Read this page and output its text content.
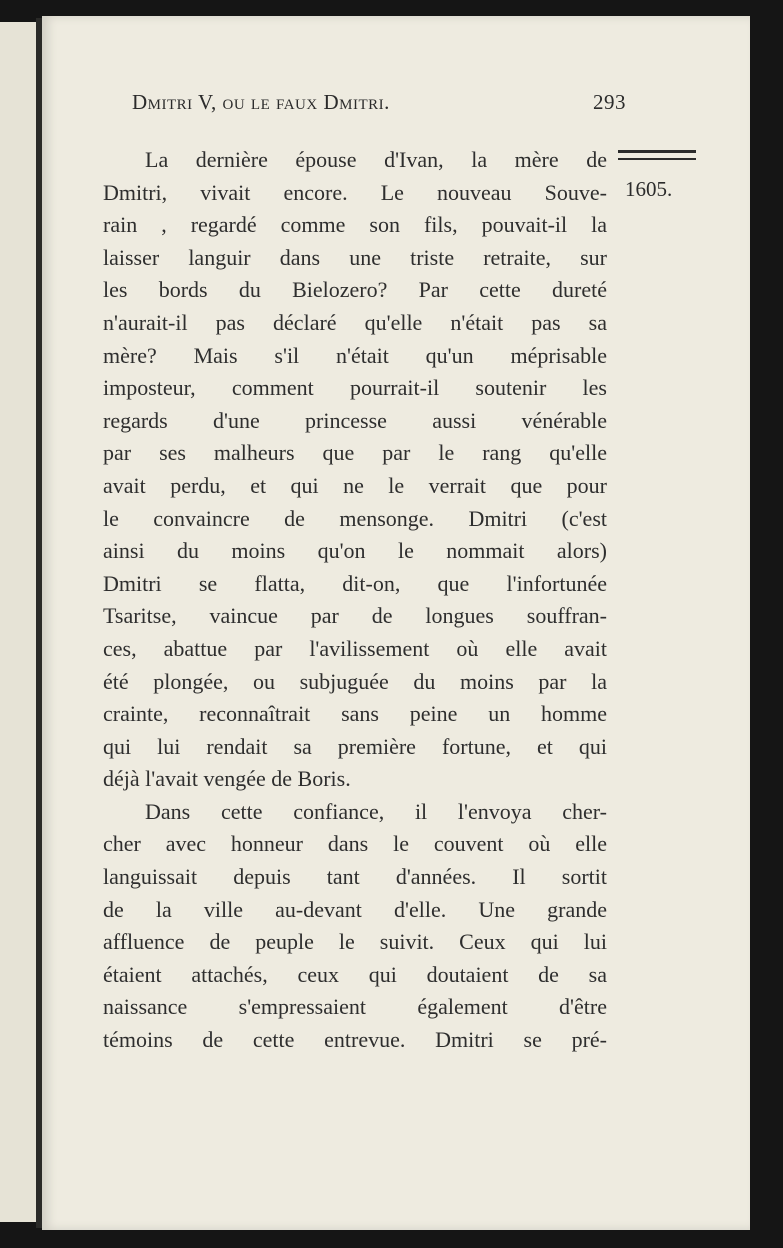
Dmitri V, ou le faux Dmitri.	293
1605.
La dernière épouse d'Ivan, la mère de
Dmitri, vivait encore. Le nouveau Souve-
rain , regardé comme son fils, pouvait-il la
laisser languir dans une triste retraite, sur
les bords du Bielozero? Par cette dureté
n'aurait-il pas déclaré qu'elle n'était pas sa
mère? Mais s'il n'était qu'un méprisable
imposteur, comment pourrait-il soutenir les
regards d'une princesse aussi vénérable
par ses malheurs que par le rang qu'elle
avait perdu, et qui ne le verrait que pour
le convaincre de mensonge. Dmitri (c'est
ainsi du moins qu'on le nommait alors)
Dmitri se flatta, dit-on, que l'infortunée
Tsaritse, vaincue par de longues souffran-
ces, abattue par l'avilissement où elle avait
été plongée, ou subjuguée du moins par la
crainte, reconnaîtrait sans peine un homme
qui lui rendait sa première fortune, et qui
déjà l'avait vengée de Boris.
Dans cette confiance, il l'envoya cher-
cher avec honneur dans le couvent où elle
languissait depuis tant d'années. Il sortit
de la ville au-devant d'elle. Une grande
affluence de peuple le suivit. Ceux qui lui
étaient attachés, ceux qui doutaient de sa
naissance s'empressaient également d'être
témoins de cette entrevue. Dmitri se pré-
